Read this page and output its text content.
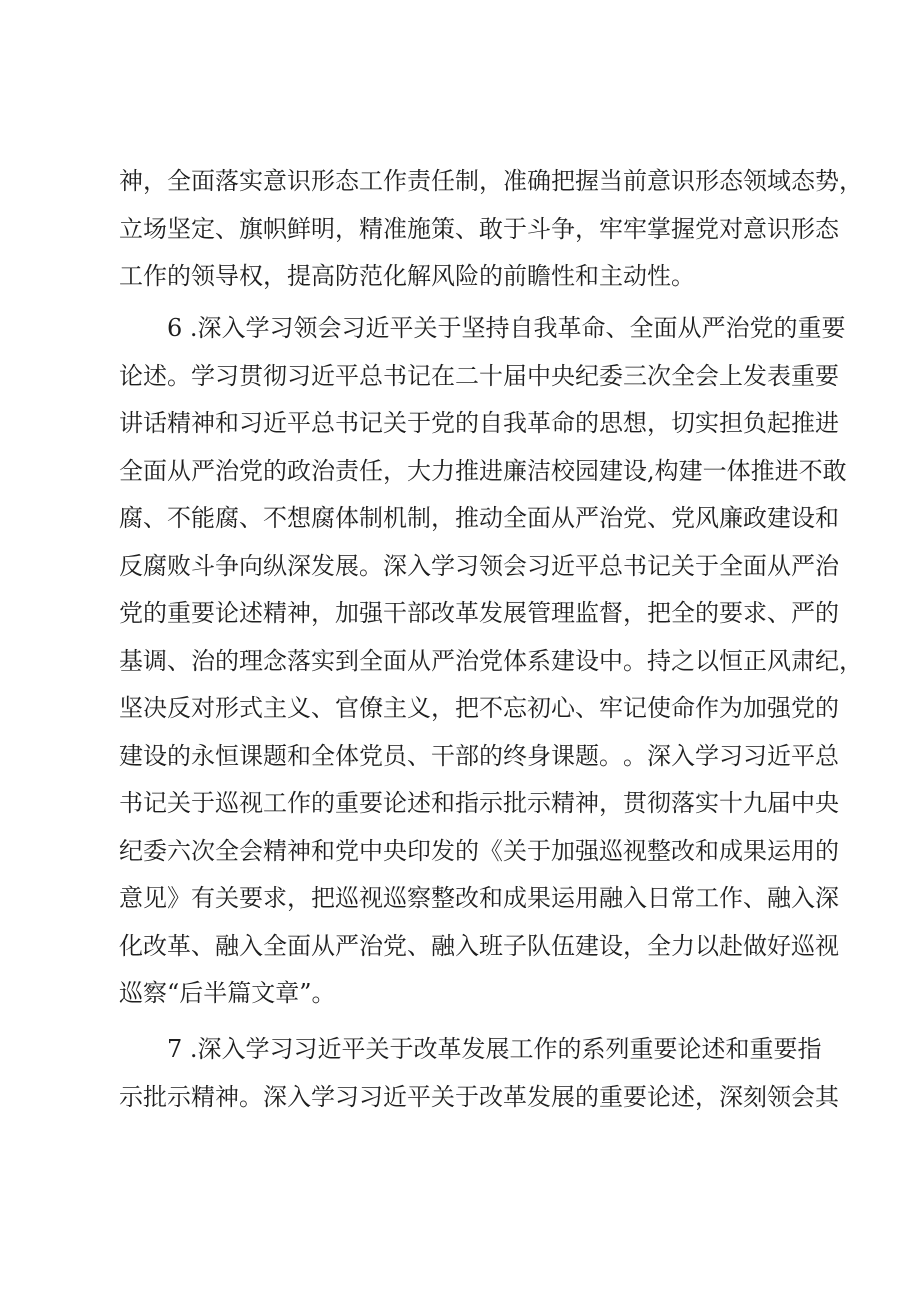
神 ， 全 面 落 实 意 识 形 态 工 作 责 任 制 ， 准 确 把 握 当 前 意 识 形 态 领 域 态 势 ，
立 场 坚 定 、 旗 帜 鲜 明 ， 精 准 施 策 、 敢 于 斗 争 ， 牢 牢 掌 握 党 对 意 识 形 态
工作的领导权，提高防范化解风险的前瞻性和主动性。
6 .深入学习领会习近平关于坚持自我革命、全面从严治党的重要
论 述 。 学 习 贯 彻 习 近 平 总 书 记 在 二 十 届 中 央 纪 委 三 次 全 会 上 发 表 重 要
讲 话 精 神 和 习 近 平 总 书 记 关 于 党 的 自 我 革 命 的 思 想 ， 切 实 担 负 起 推 进
全 面 从 严 治 党 的 政 治 责 任 ， 大 力 推 进 廉 洁 校 园 建 设 , 构 建 一 体 推 进 不 敢
腐 、 不 能 腐 、 不 想 腐 体 制 机 制 ， 推 动 全 面 从 严 治 党 、 党 风 廉 政 建 设 和
反 腐 败 斗 争 向 纵 深 发 展 。 深 入 学 习 领 会 习 近 平 总 书 记 关 于 全 面 从 严 治
党 的 重 要 论 述 精 神 ， 加 强 干 部 改 革 发 展 管 理 监 督 ， 把 全 的 要 求 、 严 的
基 调 、 治 的 理 念 落 实 到 全 面 从 严 治 党 体 系 建 设 中 。 持 之 以 恒 正 风 肃 纪 ，
坚 决 反 对 形 式 主 义 、 官 僚 主 义 ， 把 不 忘 初 心 、 牢 记 使 命 作 为 加 强 党 的
建 设 的 永 恒 课 题 和 全 体 党 员 、 干 部 的 终 身 课 题 。 。 深 入 学 习 习 近 平 总
书 记 关 于 巡 视 工 作 的 重 要 论 述 和 指 示 批 示 精 神 ， 贯 彻 落 实 十 九 届 中 央
纪 委 六 次 全 会 精 神 和 党 中 央 印 发 的 《 关 于 加 强 巡 视 整 改 和 成 果 运 用 的
意 见 》 有 关 要 求 ， 把 巡 视 巡 察 整 改 和 成 果 运 用 融 入 日 常 工 作 、 融 入 深
化 改 革 、 融 入 全 面 从 严 治 党 、 融 入 班 子 队 伍 建 设 ， 全 力 以 赴 做 好 巡 视
巡察“后半篇文章”。
7 .深入学习习近平关于改革发展工作的系列重要论述和重要指
示 批 示 精 神 。 深 入 学 习 习 近 平 关 于 改 革 发 展 的 重 要 论 述 ， 深 刻 领 会 其
